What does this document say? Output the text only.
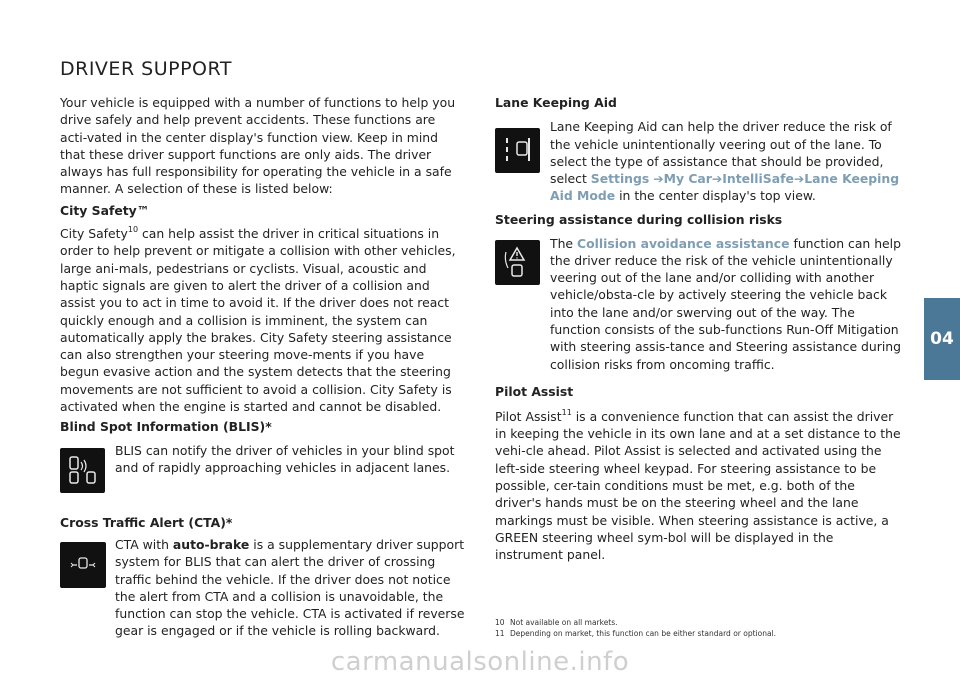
DRIVER SUPPORT

Your vehicle is equipped with a number of functions to help you drive safely and help prevent accidents. These functions are acti-vated in the center display's function view. Keep in mind that these driver support functions are only aids. The driver always has full responsibility for operating the vehicle in a safe manner. A selection of these is listed below:

City Safety™

City Safety$^{10}$ can help assist the driver in critical situations in order to help prevent or mitigate a collision with other vehicles, large ani-mals, pedestrians or cyclists. Visual, acoustic and haptic signals are given to alert the driver of a collision and assist you to act in time to avoid it. If the driver does not react quickly enough and a collision is imminent, the system can automatically apply the brakes. City Safety steering assistance can also strengthen your steering move-ments if you have begun evasive action and the system detects that the steering movements are not sufficient to avoid a collision. City Safety is activated when the engine is started and cannot be disabled.

Blind Spot Information (BLIS)*
BLIS can notify the driver of vehicles in your blind spot and of rapidly approaching vehicles in adjacent lanes.
Cross Traffic Alert (CTA)*
CTA with auto-brake is a supplementary driver support system for BLIS that can alert the driver of crossing traffic behind the vehicle. If the driver does not notice the alert from CTA and a collision is unavoidable, the function can stop the vehicle. CTA is activated if reverse gear is engaged or if the vehicle is rolling backward.
Lane Keeping Aid
Lane Keeping Aid can help the driver reduce the risk of the vehicle unintentionally veering out of the lane. To select the type of assistance that should be provided, select Settings ➔My Car➔IntelliSafe➔Lane Keeping Aid Mode in the center display's top view.
Steering assistance during collision risks
The Collision avoidance assistance function can help the driver reduce the risk of the vehicle unintentionally veering out of the lane and/or colliding with another vehicle/obsta-cle by actively steering the vehicle back into the lane and/or swerving out of the way. The function consists of the sub-functions Run-Off Mitigation with steering assis-tance and Steering assistance during collision risks from oncoming traffic.
Pilot Assist

Pilot Assist$^{11}$ is a convenience function that can assist the driver in keeping the vehicle in its own lane and at a set distance to the vehi-cle ahead. Pilot Assist is selected and activated using the left-side steering wheel keypad. For steering assistance to be possible, cer-tain conditions must be met, e.g. both of the driver's hands must be on the steering wheel and the lane markings must be visible. When steering assistance is active, a GREEN steering wheel sym-bol will be displayed in the instrument panel.

10 Not available on all markets.
11 Depending on market, this function can be either standard or optional.
04
carmanualsonline.info
